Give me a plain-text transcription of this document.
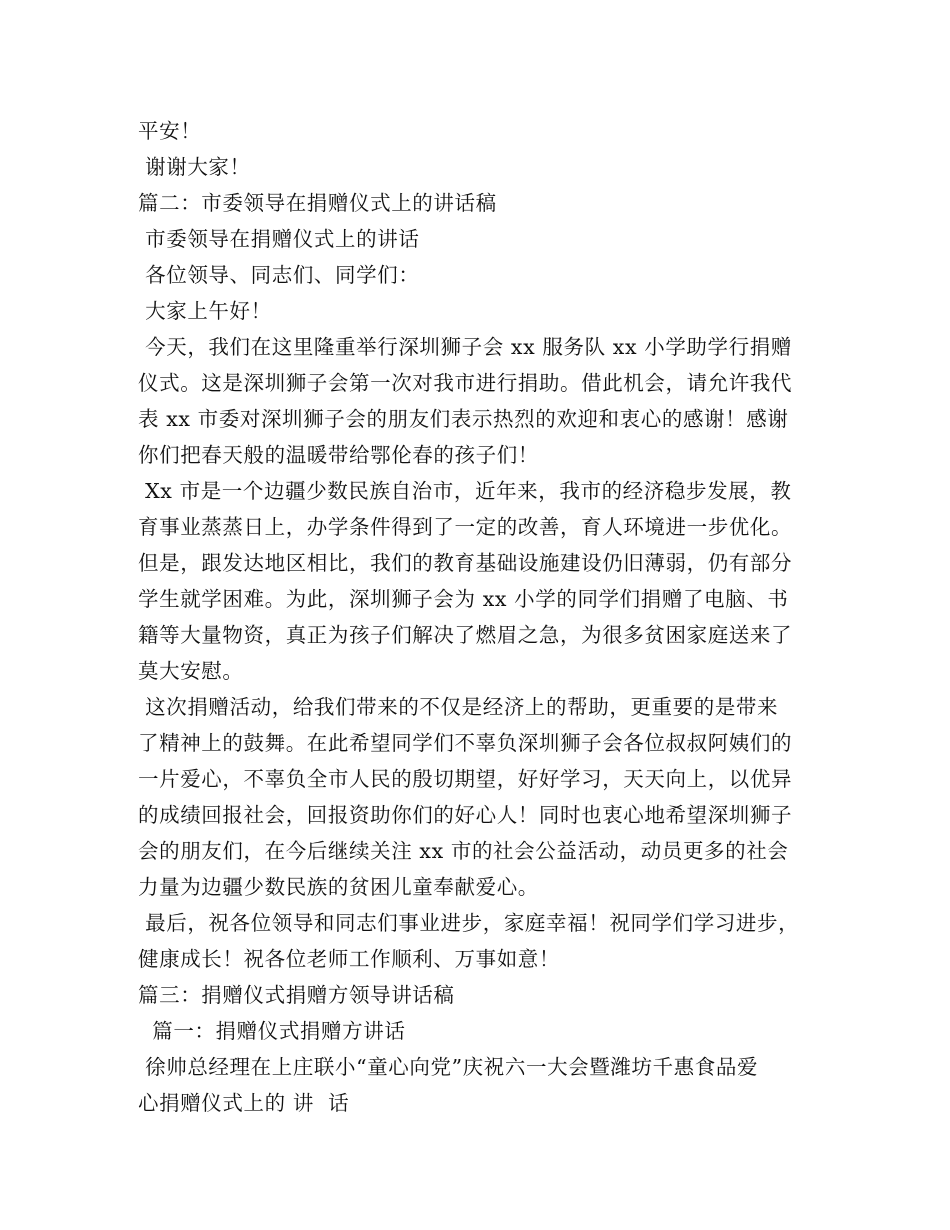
平安！
谢谢大家！
篇二：市委领导在捐赠仪式上的讲话稿
市委领导在捐赠仪式上的讲话
各位领导、同志们、同学们：
大家上午好！
今天，我们在这里隆重举行深圳狮子会 xx 服务队 xx 小学助学行捐赠
仪式。这是深圳狮子会第一次对我市进行捐助。借此机会，请允许我代
表 xx 市委对深圳狮子会的朋友们表示热烈的欢迎和衷心的感谢！感谢
你们把春天般的温暖带给鄂伦春的孩子们！
Xx 市是一个边疆少数民族自治市，近年来，我市的经济稳步发展，教
育事业蒸蒸日上，办学条件得到了一定的改善，育人环境进一步优化。
但是，跟发达地区相比，我们的教育基础设施建设仍旧薄弱，仍有部分
学生就学困难。为此，深圳狮子会为 xx 小学的同学们捐赠了电脑、书
籍等大量物资，真正为孩子们解决了燃眉之急，为很多贫困家庭送来了
莫大安慰。
这次捐赠活动，给我们带来的不仅是经济上的帮助，更重要的是带来
了精神上的鼓舞。在此希望同学们不辜负深圳狮子会各位叔叔阿姨们的
一片爱心，不辜负全市人民的殷切期望，好好学习，天天向上，以优异
的成绩回报社会，回报资助你们的好心人！同时也衷心地希望深圳狮子
会的朋友们，在今后继续关注 xx 市的社会公益活动，动员更多的社会
力量为边疆少数民族的贫困儿童奉献爱心。
最后，祝各位领导和同志们事业进步，家庭幸福！祝同学们学习进步，
健康成长！祝各位老师工作顺利、万事如意！
篇三：捐赠仪式捐赠方领导讲话稿
篇一：捐赠仪式捐赠方讲话
徐帅总经理在上庄联小“童心向党”庆祝六一大会暨潍坊千惠食品爱
心捐赠仪式上的 讲  话
